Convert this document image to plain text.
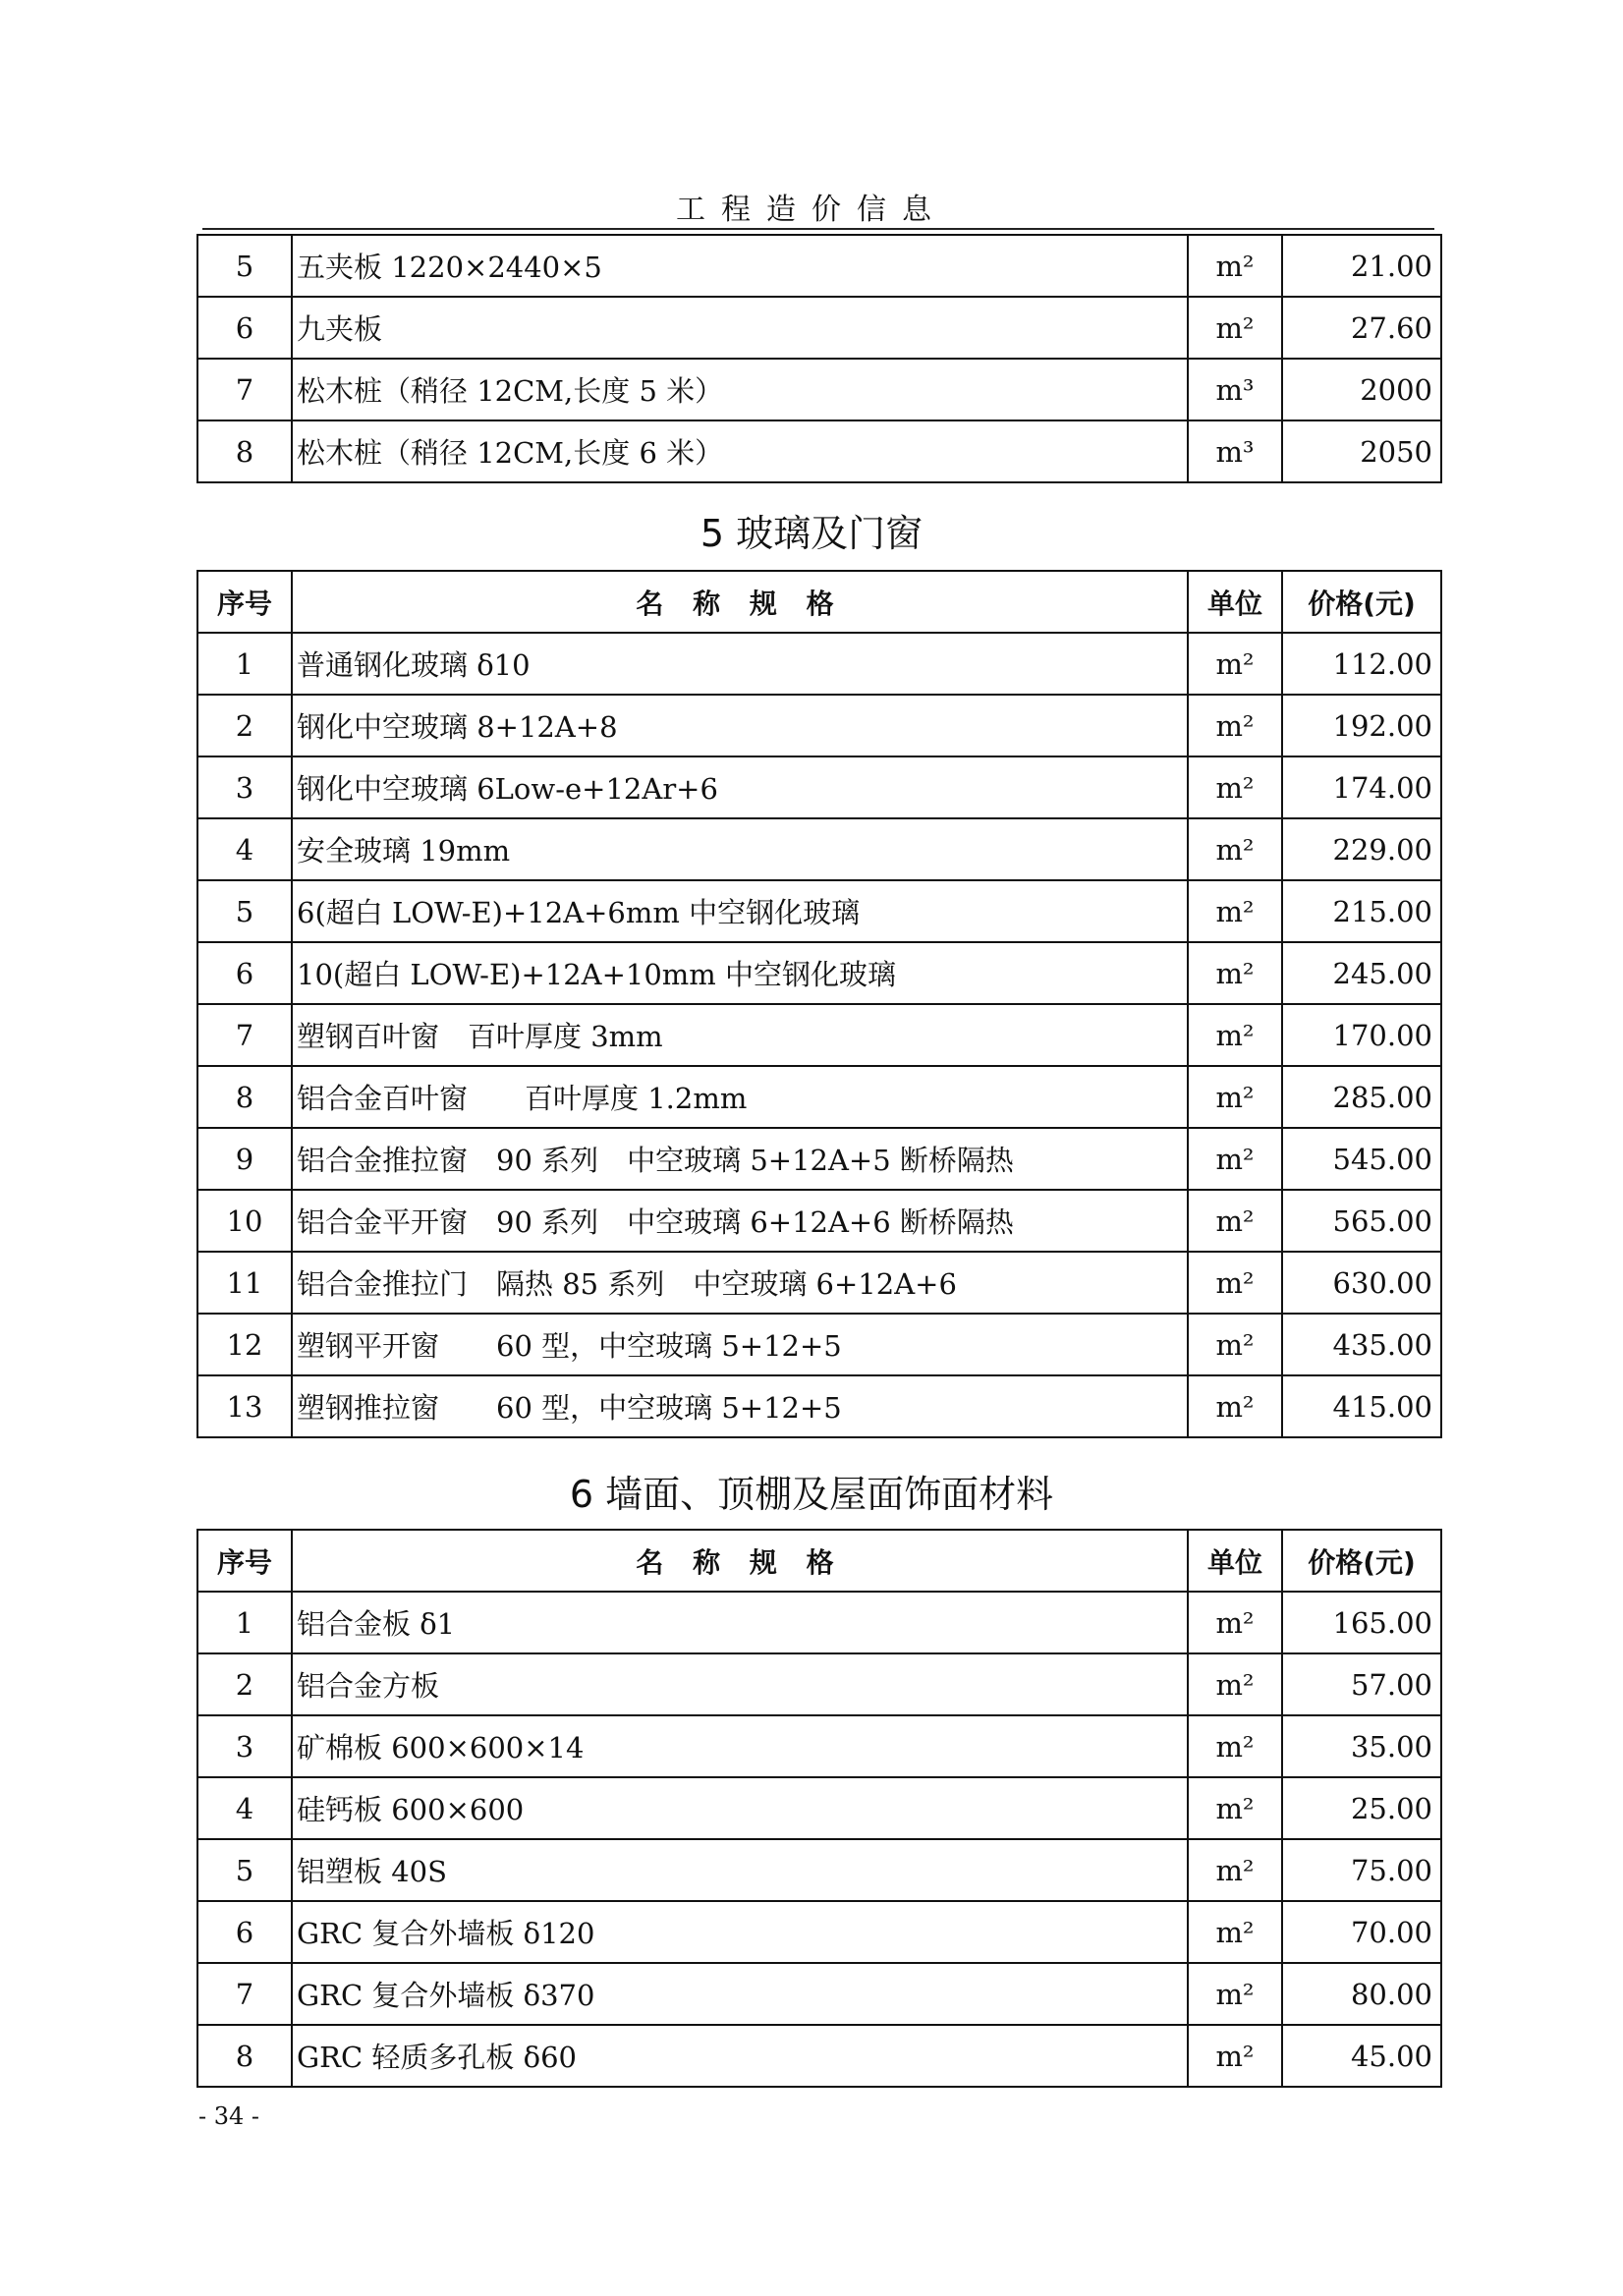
工程造价信息
5	五夹板 1220×2440×5	m²	21.00
6	九夹板	m²	27.60
7	松木桩（稍径 12CM,长度 5 米）	m³	2000
8	松木桩（稍径 12CM,长度 6 米）	m³	2050
5 玻璃及门窗
序号	名 称 规 格	单位	价格(元)
1	普通钢化玻璃 δ10	m²	112.00
2	钢化中空玻璃 8+12A+8	m²	192.00
3	钢化中空玻璃 6Low-e+12Ar+6	m²	174.00
4	安全玻璃 19mm	m²	229.00
5	6(超白 LOW-E)+12A+6mm 中空钢化玻璃	m²	215.00
6	10(超白 LOW-E)+12A+10mm 中空钢化玻璃	m²	245.00
7	塑钢百叶窗　百叶厚度 3mm	m²	170.00
8	铝合金百叶窗　　百叶厚度 1.2mm	m²	285.00
9	铝合金推拉窗　90 系列　中空玻璃 5+12A+5 断桥隔热	m²	545.00
10	铝合金平开窗　90 系列　中空玻璃 6+12A+6 断桥隔热	m²	565.00
11	铝合金推拉门　隔热 85 系列　中空玻璃 6+12A+6	m²	630.00
12	塑钢平开窗　　60 型，中空玻璃 5+12+5	m²	435.00
13	塑钢推拉窗　　60 型，中空玻璃 5+12+5	m²	415.00
6 墙面、顶棚及屋面饰面材料
序号	名 称 规 格	单位	价格(元)
1	铝合金板 δ1	m²	165.00
2	铝合金方板	m²	57.00
3	矿棉板 600×600×14	m²	35.00
4	硅钙板 600×600	m²	25.00
5	铝塑板 40S	m²	75.00
6	GRC 复合外墙板 δ120	m²	70.00
7	GRC 复合外墙板 δ370	m²	80.00
8	GRC 轻质多孔板 δ60	m²	45.00
- 34 -
